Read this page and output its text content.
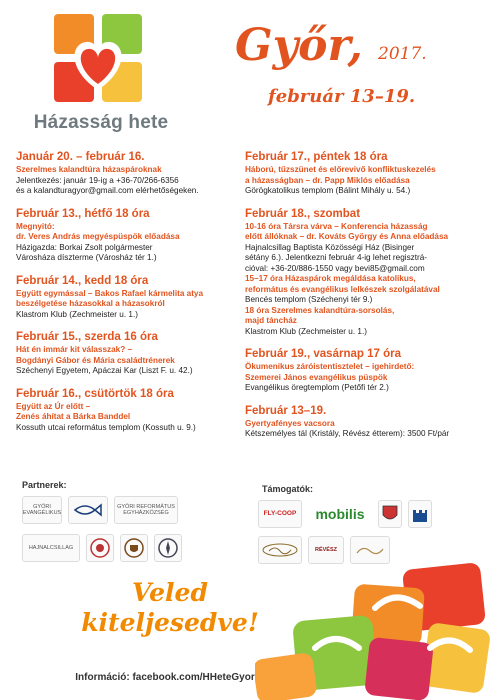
Házasság hete
Győr, 2017.
február 13–19.
Január 20. – február 16.
Szerelmes kalandtúra házaspároknak
Jelentkezés: január 19-ig a +36-70/266-6356
és a kalandturagyor@gmail.com elérhetőségeken.
Február 13., hétfő 18 óra
Megnyitó:
dr. Veres András megyéspüspök előadása
Házigazda: Borkai Zsolt polgármester
Városháza díszterme (Városház tér 1.)
Február 14., kedd 18 óra
Együtt egymással – Bakos Rafael kármelita atya
beszélgetése házasokkal a házasokról
Klastrom Klub (Zechmeister u. 1.)
Február 15., szerda 16 óra
Hát én immár kit válasszak? –
Bogdányi Gábor és Mária családtrénerek
Széchenyi Egyetem, Apáczai Kar (Liszt F. u. 42.)
Február 16., csütörtök 18 óra
Együtt az Úr előtt –
Zenés áhítat a Bárka Banddel
Kossuth utcai református templom (Kossuth u. 9.)
Február 17., péntek 18 óra
Háború, tűzszünet és előrevivő konfliktuskezelés
a házasságban – dr. Papp Miklós előadása
Görögkatolikus templom (Bálint Mihály u. 54.)
Február 18., szombat
10-16 óra Társra várva – Konferencia házasság
előtt állóknak – dr. Kováts György és Anna előadása
Hajnalcsillag Baptista Közösségi Ház (Bisinger
sétány 6.). Jelentkezni február 4-ig lehet regisztrá-
cióval: +36-20/886-1550 vagy bevi85@gmail.com
15–17 óra Házaspárok megáldása katolikus,
református és evangélikus lelkészek szolgálatával
Bencés templom (Széchenyi tér 9.)
18 óra Szerelmes kalandtúra-sorsolás,
majd táncház
Klastrom Klub (Zechmeister u. 1.)
Február 19., vasárnap 17 óra
Ökumenikus záróistentisztelet – igehirdető:
Szemerei János evangélikus püspök
Evangélikus öregtemplom (Petőfi tér 2.)
Február 13–19.
Gyertyafényes vacsora
Kétszemélyes tál (Kristály, Révész étterem): 3500 Ft/pár
Partnerek:
GYŐRI EVANGÉLIKUS
GYŐRI REFORMÁTUS EGYHÁZKÖZSÉG
HAJNALCSILLAG
Támogatók:
FLY-COOP mobilis
RÉVÉSZ
Veled
kiteljesedve!
Információ: facebook.com/HHeteGyor
